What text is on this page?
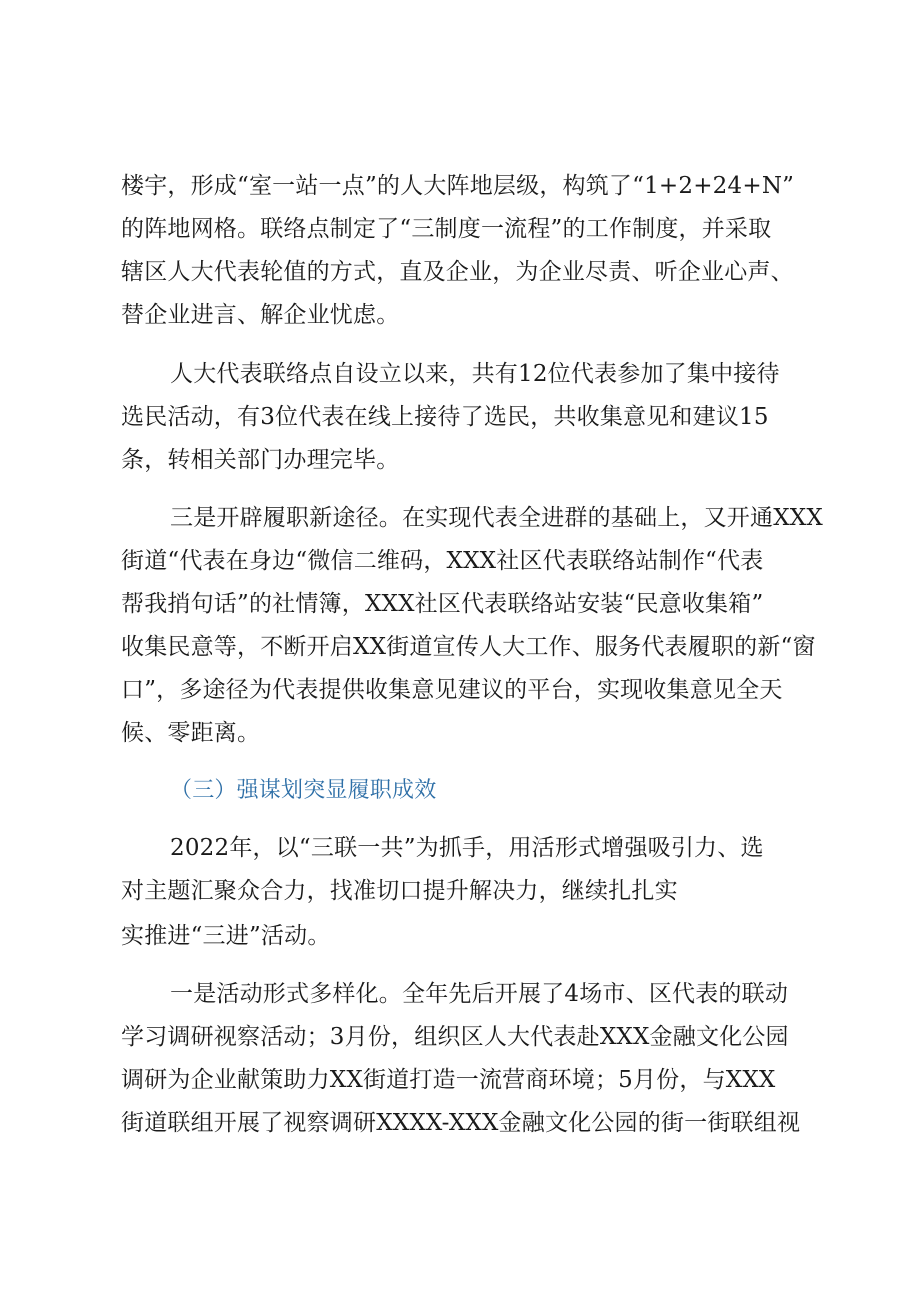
楼宇，形成“室一站一点”的人大阵地层级，构筑了“1+2+24+N”
的阵地网格。联络点制定了“三制度一流程”的工作制度，并采取
辖区人大代表轮值的方式，直及企业，为企业尽责、听企业心声、
替企业进言、解企业忧虑。
人大代表联络点自设立以来，共有12位代表参加了集中接待
选民活动，有3位代表在线上接待了选民，共收集意见和建议15
条，转相关部门办理完毕。
三是开辟履职新途径。在实现代表全进群的基础上，又开通XXX
街道“代表在身边“微信二维码，XXX社区代表联络站制作“代表
帮我捎句话”的社情簿，XXX社区代表联络站安装“民意收集箱”
收集民意等，不断开启XX街道宣传人大工作、服务代表履职的新“窗
口”，多途径为代表提供收集意见建议的平台，实现收集意见全天
候、零距离。
（三）强谋划突显履职成效
2022年，以“三联一共”为抓手，用活形式增强吸引力、选
对主题汇聚众合力，找准切口提升解决力，继续扎扎实
实推进“三进”活动。
一是活动形式多样化。全年先后开展了4场市、区代表的联动
学习调研视察活动；3月份，组织区人大代表赴XXX金融文化公园
调研为企业献策助力XX街道打造一流营商环境；5月份，与XXX
街道联组开展了视察调研XXXX-XXX金融文化公园的街一街联组视
